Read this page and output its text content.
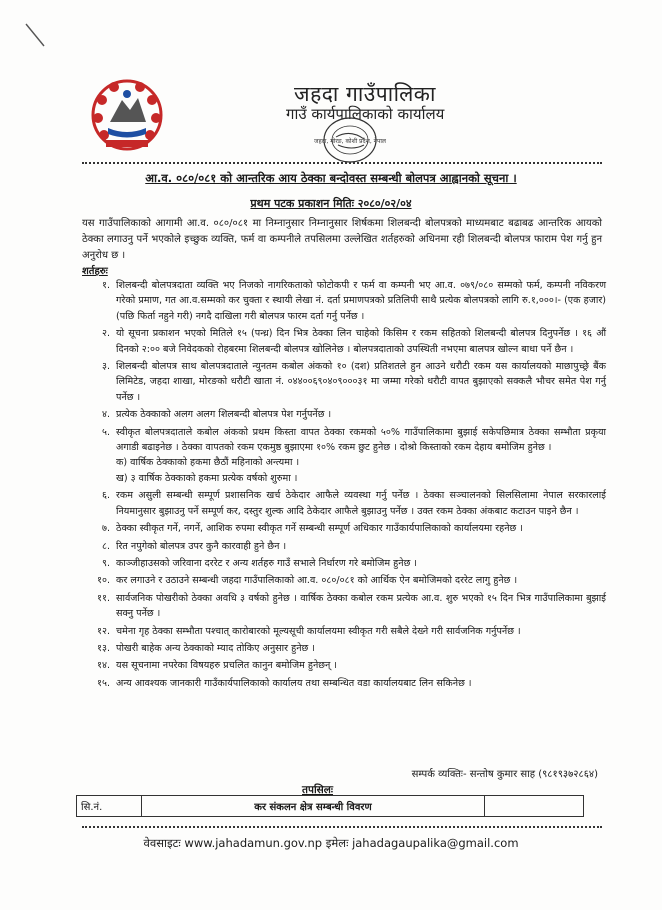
जहदा गाउँपालिका
गाउँ कार्यपालिकाको कार्यालय
जहदा, मोरङ, कोशी प्रदेश, नेपाल
आ.व. ०८०/०८१ को आन्तरिक आय ठेक्का बन्दोवस्त सम्बन्धी बोलपत्र आह्वानको सूचना ।
प्रथम पटक प्रकाशन मितिः २०८०/०२/०४
यस गाउँपालिकाको आगामी आ.व. ०८०/०८१ मा निम्नानुसार निम्नानुसार शिर्षकमा शिलबन्दी बोलपत्रको माध्यमबाट बढाबढ आन्तरिक आयको ठेक्का लगाउनु पर्ने भएकोले इच्छुक व्यक्ति, फर्म वा कम्पनीले तपसिलमा उल्लेखित शर्तहरुको अधिनमा रही शिलबन्दी बोलपत्र फाराम पेश गर्नु हुन अनुरोध छ ।
शर्तहरुः
१. शिलबन्दी बोलपत्रदाता व्यक्ति भए निजको नागरिकताको फोटोकपी र फर्म वा कम्पनी भए आ.व. ०७९/०८० सम्मको फर्म, कम्पनी नविकरण गरेको प्रमाण, गत आ.व.सम्मको कर चुक्ता र स्थायी लेखा नं. दर्ता प्रमाणपत्रको प्रतिलिपी साथै प्रत्येक बोलपत्रको लागि रु.१,०००।- (एक हजार) (पछि फिर्ता नहुने गरी) नगदै दाखिला गरी बोलपत्र फारम दर्ता गर्नु पर्नेछ ।
२. यो सूचना प्रकाशन भएको मितिले १५ (पन्ध्र) दिन भित्र ठेक्का लिन चाहेको किसिम र रकम सहितको शिलबन्दी बोलपत्र दिनुपर्नेछ । १६ औं दिनको २:०० बजे निवेदकको रोहबरमा शिलबन्दी बोलपत्र खोलिनेछ । बोलपत्रदाताको उपस्थिती नभएमा बालपत्र खोल्न बाधा पर्ने छैन ।
३. शिलबन्दी बोलपत्र साथ बोलपत्रदाताले न्युनतम कबोल अंकको १० (दश) प्रतिशतले हुन आउने धरौटी रकम यस कार्यालयको माछापुच्छ्रे बैंक लिमिटेड, जहदा शाखा, मोरङको धरौटी खाता नं. ०४४००६९०४०९०००३१ मा जम्मा गरेको धरौटी वापत बुझाएको सक्कलै भौचर समेत पेश गर्नु पर्नेछ ।
४. प्रत्येक ठेक्काको अलग अलग शिलबन्दी बोलपत्र पेश गर्नुपर्नेछ ।
५. स्वीकृत बोलपत्रदाताले कबोल अंकको प्रथम किस्ता वापत ठेक्का रकमको ५०% गाउँपालिकामा बुझाई सकेपछिमात्र ठेक्का सम्भौता प्रकृया अगाडी बढाइनेछ । ठेक्का वापतको रकम एकमुष्ठ बुझाएमा १०% रकम छुट हुनेछ । दोश्रो किस्ताको रकम देहाय बमोजिम हुनेछ ।
क) वार्षिक ठेक्काको हकमा छैठौं महिनाको अन्त्यमा ।
ख) ३ वार्षिक ठेक्काको हकमा प्रत्येक वर्षको शुरुमा ।
६. रकम असुली सम्बन्धी सम्पूर्ण प्रशासनिक खर्च ठेकेदार आफैले व्यवस्था गर्नु पर्नेछ । ठेक्का सञ्चालनको सिलसिलामा नेपाल सरकारलाई नियमानुसार बुझाउनु पर्ने सम्पूर्ण कर, दस्तुर शुल्क आदि ठेकेदार आफैले बुझाउनु पर्नेछ । उक्त रकम ठेक्का अंकबाट कटाउन पाइने छैन ।
७. ठेक्का स्वीकृत गर्ने, नगर्ने, आशिक रुपमा स्वीकृत गर्ने सम्बन्धी सम्पूर्ण अधिकार गाउँकार्यपालिकाको कार्यालयमा रहनेछ ।
८. रित नपुगेको बोलपत्र उपर कुनै कारवाही हुने छैन ।
९. काञ्जीहाउसको जरिवाना दररेट र अन्य शर्तहरु गाउँ सभाले निर्धारण गरे बमोजिम हुनेछ ।
१०. कर लगाउने र उठाउने सम्बन्धी जहदा गाउँपालिकाको आ.व. ०८०/०८१ को आर्थिक ऐन बमोजिमको दररेट लागु हुनेछ ।
११. सार्वजनिक पोखरीको ठेक्का अवधि ३ वर्षको हुनेछ । वार्षिक ठेक्का कबोल रकम प्रत्येक आ.व. शुरु भएको १५ दिन भित्र गाउँपालिकामा बुझाई सक्नु पर्नेछ ।
१२. चमेना गृह ठेक्का सम्भौता पश्चात् कारोबारको मूल्यसूची कार्यालयमा स्वीकृत गरी सबैले देख्ने गरी सार्वजनिक गर्नुपर्नेछ ।
१३. पोखरी बाहेक अन्य ठेक्काको म्याद तोकिए अनुसार हुनेछ ।
१४. यस सूचनामा नपरेका विषयहरु प्रचलित कानुन बमोजिम हुनेछन् ।
१५. अन्य आवश्यक जानकारी गाउँकार्यपालिकाको कार्यालय तथा सम्बन्धित वडा कार्यालयबाट लिन सकिनेछ ।
सम्पर्क व्यक्तिः- सन्तोष कुमार साह (९८१९३७२८६४)
तपसिलः
सि.नं.	कर संकलन क्षेत्र सम्बन्धी विवरण	
वेवसाइटः www.jahadamun.gov.np इमेलः jahadagaupalika@gmail.com
